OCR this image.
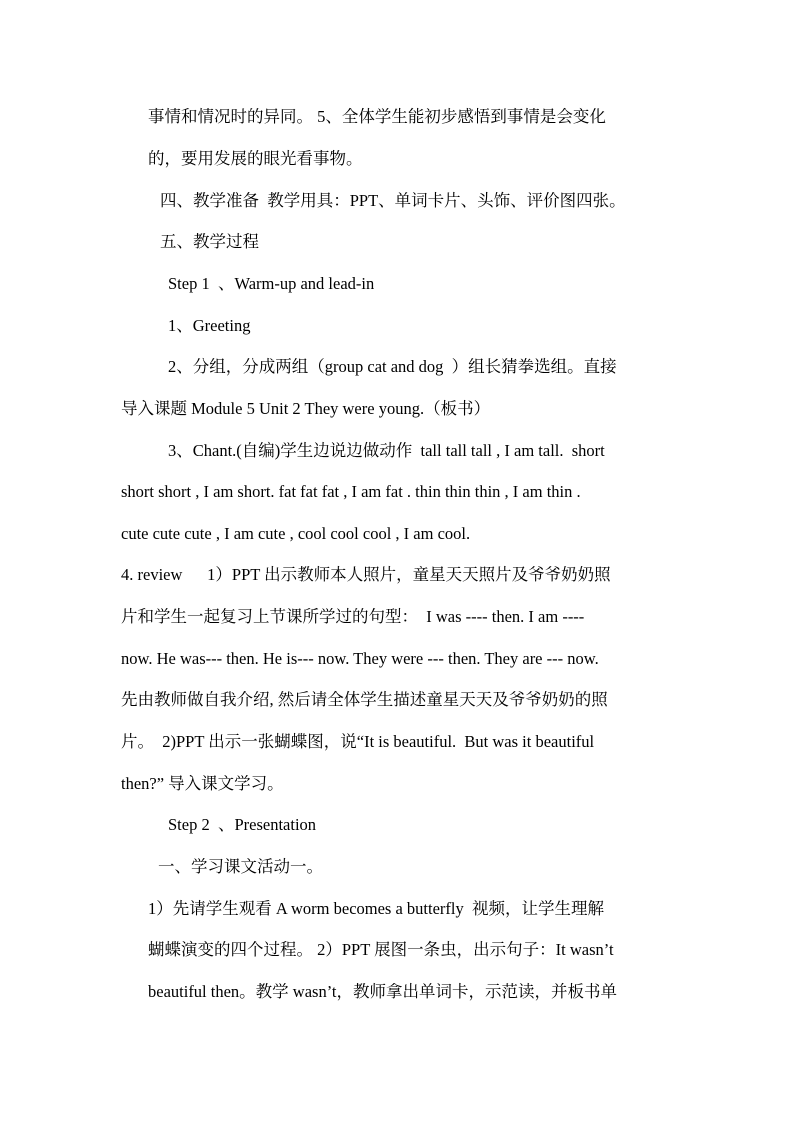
事情和情况时的异同。 5、全体学生能初步感悟到事情是会变化
的，要用发展的眼光看事物。
四、教学准备  教学用具：PPT、单词卡片、头饰、评价图四张。
五、教学过程
Step 1  、Warm-up and lead-in
1、Greeting
2、分组，分成两组（group cat and dog  ）组长猜拳选组。直接
导入课题 Module 5 Unit 2 They were young.（板书）
3、Chant.(自编)学生边说边做动作  tall tall tall , I am tall.  short
short short , I am short. fat fat fat , I am fat . thin thin thin , I am thin .
cute cute cute , I am cute , cool cool cool , I am cool.
4. review      1）PPT 出示教师本人照片，童星天天照片及爷爷奶奶照
片和学生一起复习上节课所学过的句型：  I was ---- then. I am ----
now. He was--- then. He is--- now. They were --- then. They are --- now.
先由教师做自我介绍, 然后请全体学生描述童星天天及爷爷奶奶的照
片。  2)PPT 出示一张蝴蝶图，说“It is beautiful.  But was it beautiful
then?” 导入课文学习。
Step 2  、Presentation
一、学习课文活动一。
1）先请学生观看 A worm becomes a butterfly  视频，让学生理解
蝴蝶演变的四个过程。 2）PPT 展图一条虫，出示句子：It wasn’t
beautiful then。教学 wasn’t，教师拿出单词卡，示范读，并板书单
